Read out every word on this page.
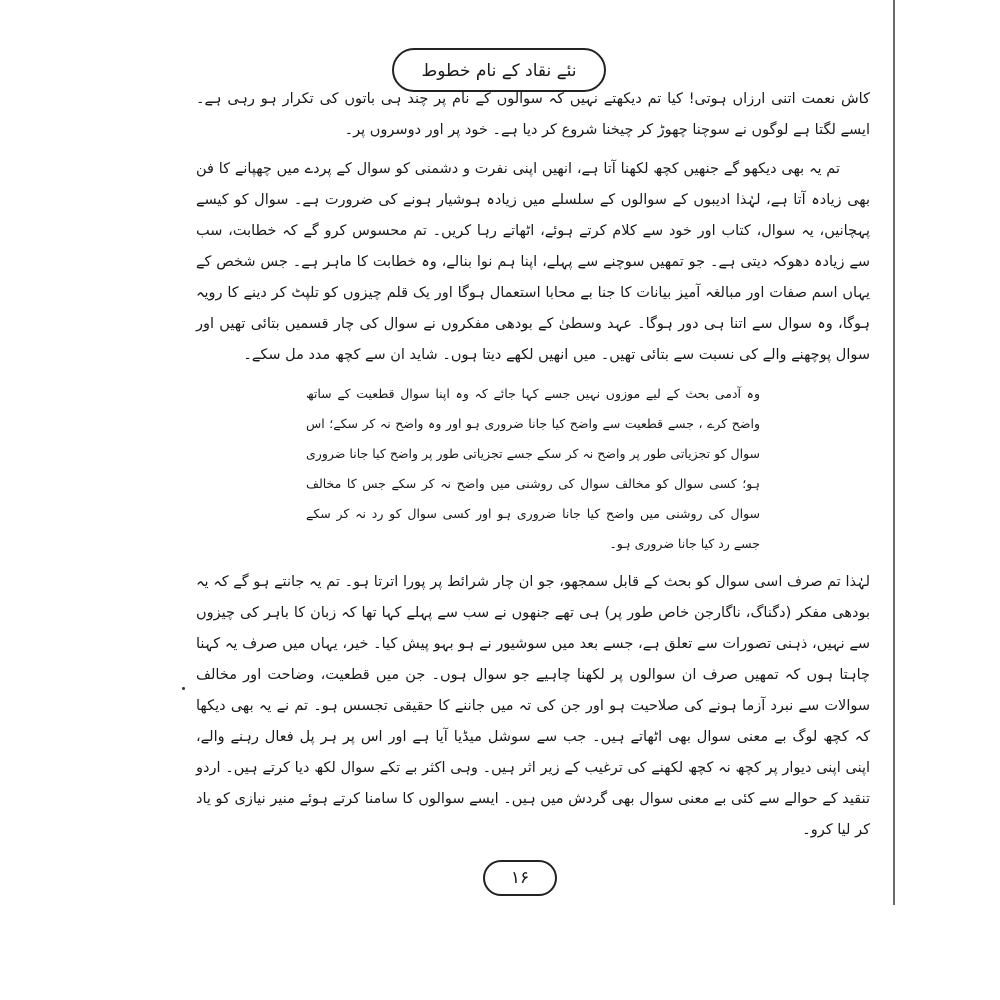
نئے نقاد کے نام خطوط

کاش نعمت اتنی ارزاں ہوتی! کیا تم دیکھتے نہیں کہ سوالوں کے نام پر چند ہی باتوں کی تکرار ہو رہی ہے۔ ایسے لگتا ہے لوگوں نے سوچنا چھوڑ کر چیخنا شروع کر دیا ہے۔ خود پر اور دوسروں پر۔

تم یہ بھی دیکھو گے جنھیں کچھ لکھنا آتا ہے، انھیں اپنی نفرت و دشمنی کو سوال کے پردے میں چھپانے کا فن بھی زیادہ آتا ہے، لہٰذا ادیبوں کے سوالوں کے سلسلے میں زیادہ ہوشیار ہونے کی ضرورت ہے۔ سوال کو کیسے پہچانیں، یہ سوال، کتاب اور خود سے کلام کرتے ہوئے، اٹھاتے رہا کریں۔ تم محسوس کرو گے کہ خطابت، سب سے زیادہ دھوکہ دیتی ہے۔ جو تمھیں سوچنے سے پہلے، اپنا ہم نوا بنالے، وہ خطابت کا ماہر ہے۔ جس شخص کے یہاں اسم صفات اور مبالغہ آمیز بیانات کا جنا بے محابا استعمال ہوگا اور یک قلم چیزوں کو تلپٹ کر دینے کا رویہ ہوگا، وہ سوال سے اتنا ہی دور ہوگا۔ عہد وسطیٰ کے بودھی مفکروں نے سوال کی چار قسمیں بتائی تھیں اور سوال پوچھنے والے کی نسبت سے بتائی تھیں۔ میں انھیں لکھے دیتا ہوں۔ شاید ان سے کچھ مدد مل سکے۔

وہ آدمی بحث کے لیے موزوں نہیں جسے کہا جائے کہ وہ اپنا سوال قطعیت کے ساتھ واضح کرے ، جسے قطعیت سے واضح کیا جانا ضروری ہو اور وہ واضح نہ کر سکے؛ اس سوال کو تجزیاتی طور پر واضح نہ کر سکے جسے تجزیاتی طور پر واضح کیا جانا ضروری ہو؛ کسی سوال کو مخالف سوال کی روشنی میں واضح نہ کر سکے جس کا مخالف سوال کی روشنی میں واضح کیا جانا ضروری ہو اور کسی سوال کو رد نہ کر سکے جسے رد کیا جانا ضروری ہو۔

لہٰذا تم صرف اسی سوال کو بحث کے قابل سمجھو، جو ان چار شرائط پر پورا اترتا ہو۔ تم یہ جانتے ہو گے کہ یہ بودھی مفکر (دگناگ، ناگارجن خاص طور پر) ہی تھے جنھوں نے سب سے پہلے کہا تھا کہ زبان کا باہر کی چیزوں سے نہیں، ذہنی تصورات سے تعلق ہے، جسے بعد میں سوشیور نے ہو بہو پیش کیا۔ خیر، یہاں میں صرف یہ کہنا چاہتا ہوں کہ تمھیں صرف ان سوالوں پر لکھنا چاہیے جو سوال ہوں۔ جن میں قطعیت، وضاحت اور مخالف سوالات سے نبرد آزما ہونے کی صلاحیت ہو اور جن کی تہ میں جاننے کا حقیقی تجسس ہو۔ تم نے یہ بھی دیکھا کہ کچھ لوگ بے معنی سوال بھی اٹھاتے ہیں۔ جب سے سوشل میڈیا آیا ہے اور اس پر ہر پل فعال رہنے والے، اپنی اپنی دیوار پر کچھ نہ کچھ لکھنے کی ترغیب کے زیر اثر ہیں۔ وہی اکثر بے تکے سوال لکھ دیا کرتے ہیں۔ اردو تنقید کے حوالے سے کئی بے معنی سوال بھی گردش میں ہیں۔ ایسے سوالوں کا سامنا کرتے ہوئے منیر نیازی کو یاد کر لیا کرو۔

۱۶
